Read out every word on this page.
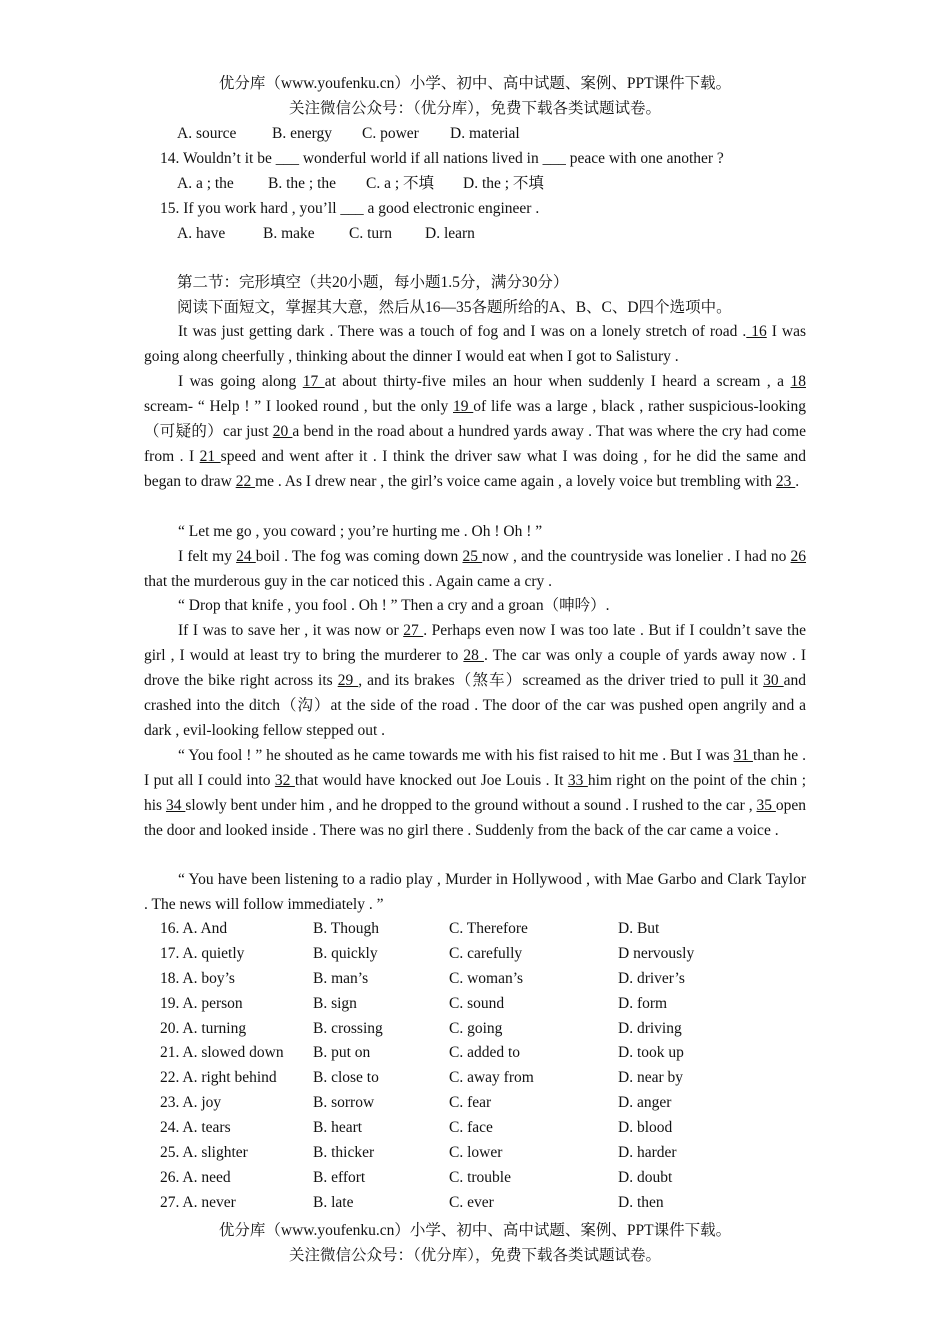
优分库（www.youfenku.cn）小学、初中、高中试题、案例、PPT课件下载。
关注微信公众号：（优分库），免费下载各类试题试卷。
A. source B. energy C. power D. material
14. Wouldn’t it be ___ wonderful world if all nations lived in ___ peace with one another ?
A. a ; the B. the ; the C. a ; 不填 D. the ; 不填
15. If you work hard , you’ll ___ a good electronic engineer .
A. have B. make C. turn D. learn
第二节：完形填空（共20小题，每小题1.5分，满分30分）
阅读下面短文，掌握其大意，然后从16—35各题所给的A、B、C、D四个选项中。
It was just getting dark . There was a touch of fog and I was on a lonely stretch of road . 16 I was going along cheerfully , thinking about the dinner I would eat when I got to Salistury .
I was going along 17 at about thirty-five miles an hour when suddenly I heard a scream , a 18 scream- “ Help ! ” I looked round , but the only 19 of life was a large , black , rather suspicious-looking（可疑的）car just 20 a bend in the road about a hundred yards away . That was where the cry had come from . I 21 speed and went after it . I think the driver saw what I was doing , for he did the same and began to draw 22 me . As I drew near , the girl’s voice came again , a lovely voice but trembling with 23 .
“ Let me go , you coward ; you’re hurting me . Oh ! Oh ! ”
I felt my 24 boil . The fog was coming down 25 now , and the countryside was lonelier . I had no 26 that the murderous guy in the car noticed this . Again came a cry .
“ Drop that knife , you fool . Oh ! ” Then a cry and a groan（呻吟）.
If I was to save her , it was now or 27 . Perhaps even now I was too late . But if I couldn’t save the girl , I would at least try to bring the murderer to 28 . The car was only a couple of yards away now . I drove the bike right across its 29 , and its brakes（煞车）screamed as the driver tried to pull it 30 and crashed into the ditch（沟）at the side of the road . The door of the car was pushed open angrily and a dark , evil-looking fellow stepped out .
“ You fool ! ” he shouted as he came towards me with his fist raised to hit me . But I was 31 than he . I put all I could into 32 that would have knocked out Joe Louis . It 33 him right on the point of the chin ; his 34 slowly bent under him , and he dropped to the ground without a sound . I rushed to the car , 35 open the door and looked inside . There was no girl there . Suddenly from the back of the car came a voice .
“ You have been listening to a radio play , Murder in Hollywood , with Mae Garbo and Clark Taylor . The news will follow immediately . ”
16. A. And	B. Though	C. Therefore	D. But
17. A. quietly	B. quickly	C. carefully	D nervously
18. A. boy’s	B. man’s	C. woman’s	D. driver’s
19. A. person	B. sign	C. sound	D. form
20. A. turning	B. crossing	C. going	D. driving
21. A. slowed down B. put on	C. added to	D. took up
22. A. right behind B. close to	C. away from	D. near by
23. A. joy	B. sorrow	C. fear	D. anger
24. A. tears	B. heart	C. face	D. blood
25. A. slighter	B. thicker	C. lower	D. harder
26. A. need	B. effort	C. trouble	D. doubt
27. A. never	B. late	C. ever	D. then
优分库（www.youfenku.cn）小学、初中、高中试题、案例、PPT课件下载。
关注微信公众号：（优分库），免费下载各类试题试卷。
